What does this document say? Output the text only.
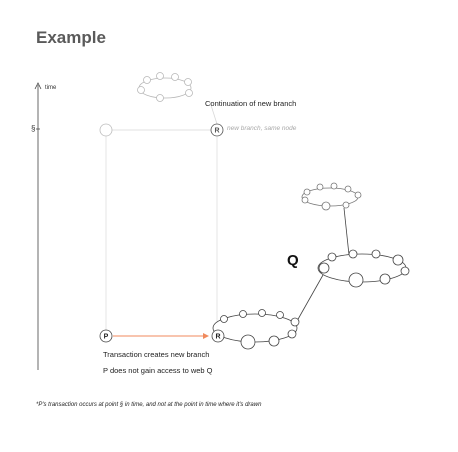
Example
R
R
P
time
§
Continuation of new branch
new branch, same node
Q
Transaction creates new branch
P does not gain access to web Q
*P's transaction occurs at point § in time, and not at the point in time where it's drawn
